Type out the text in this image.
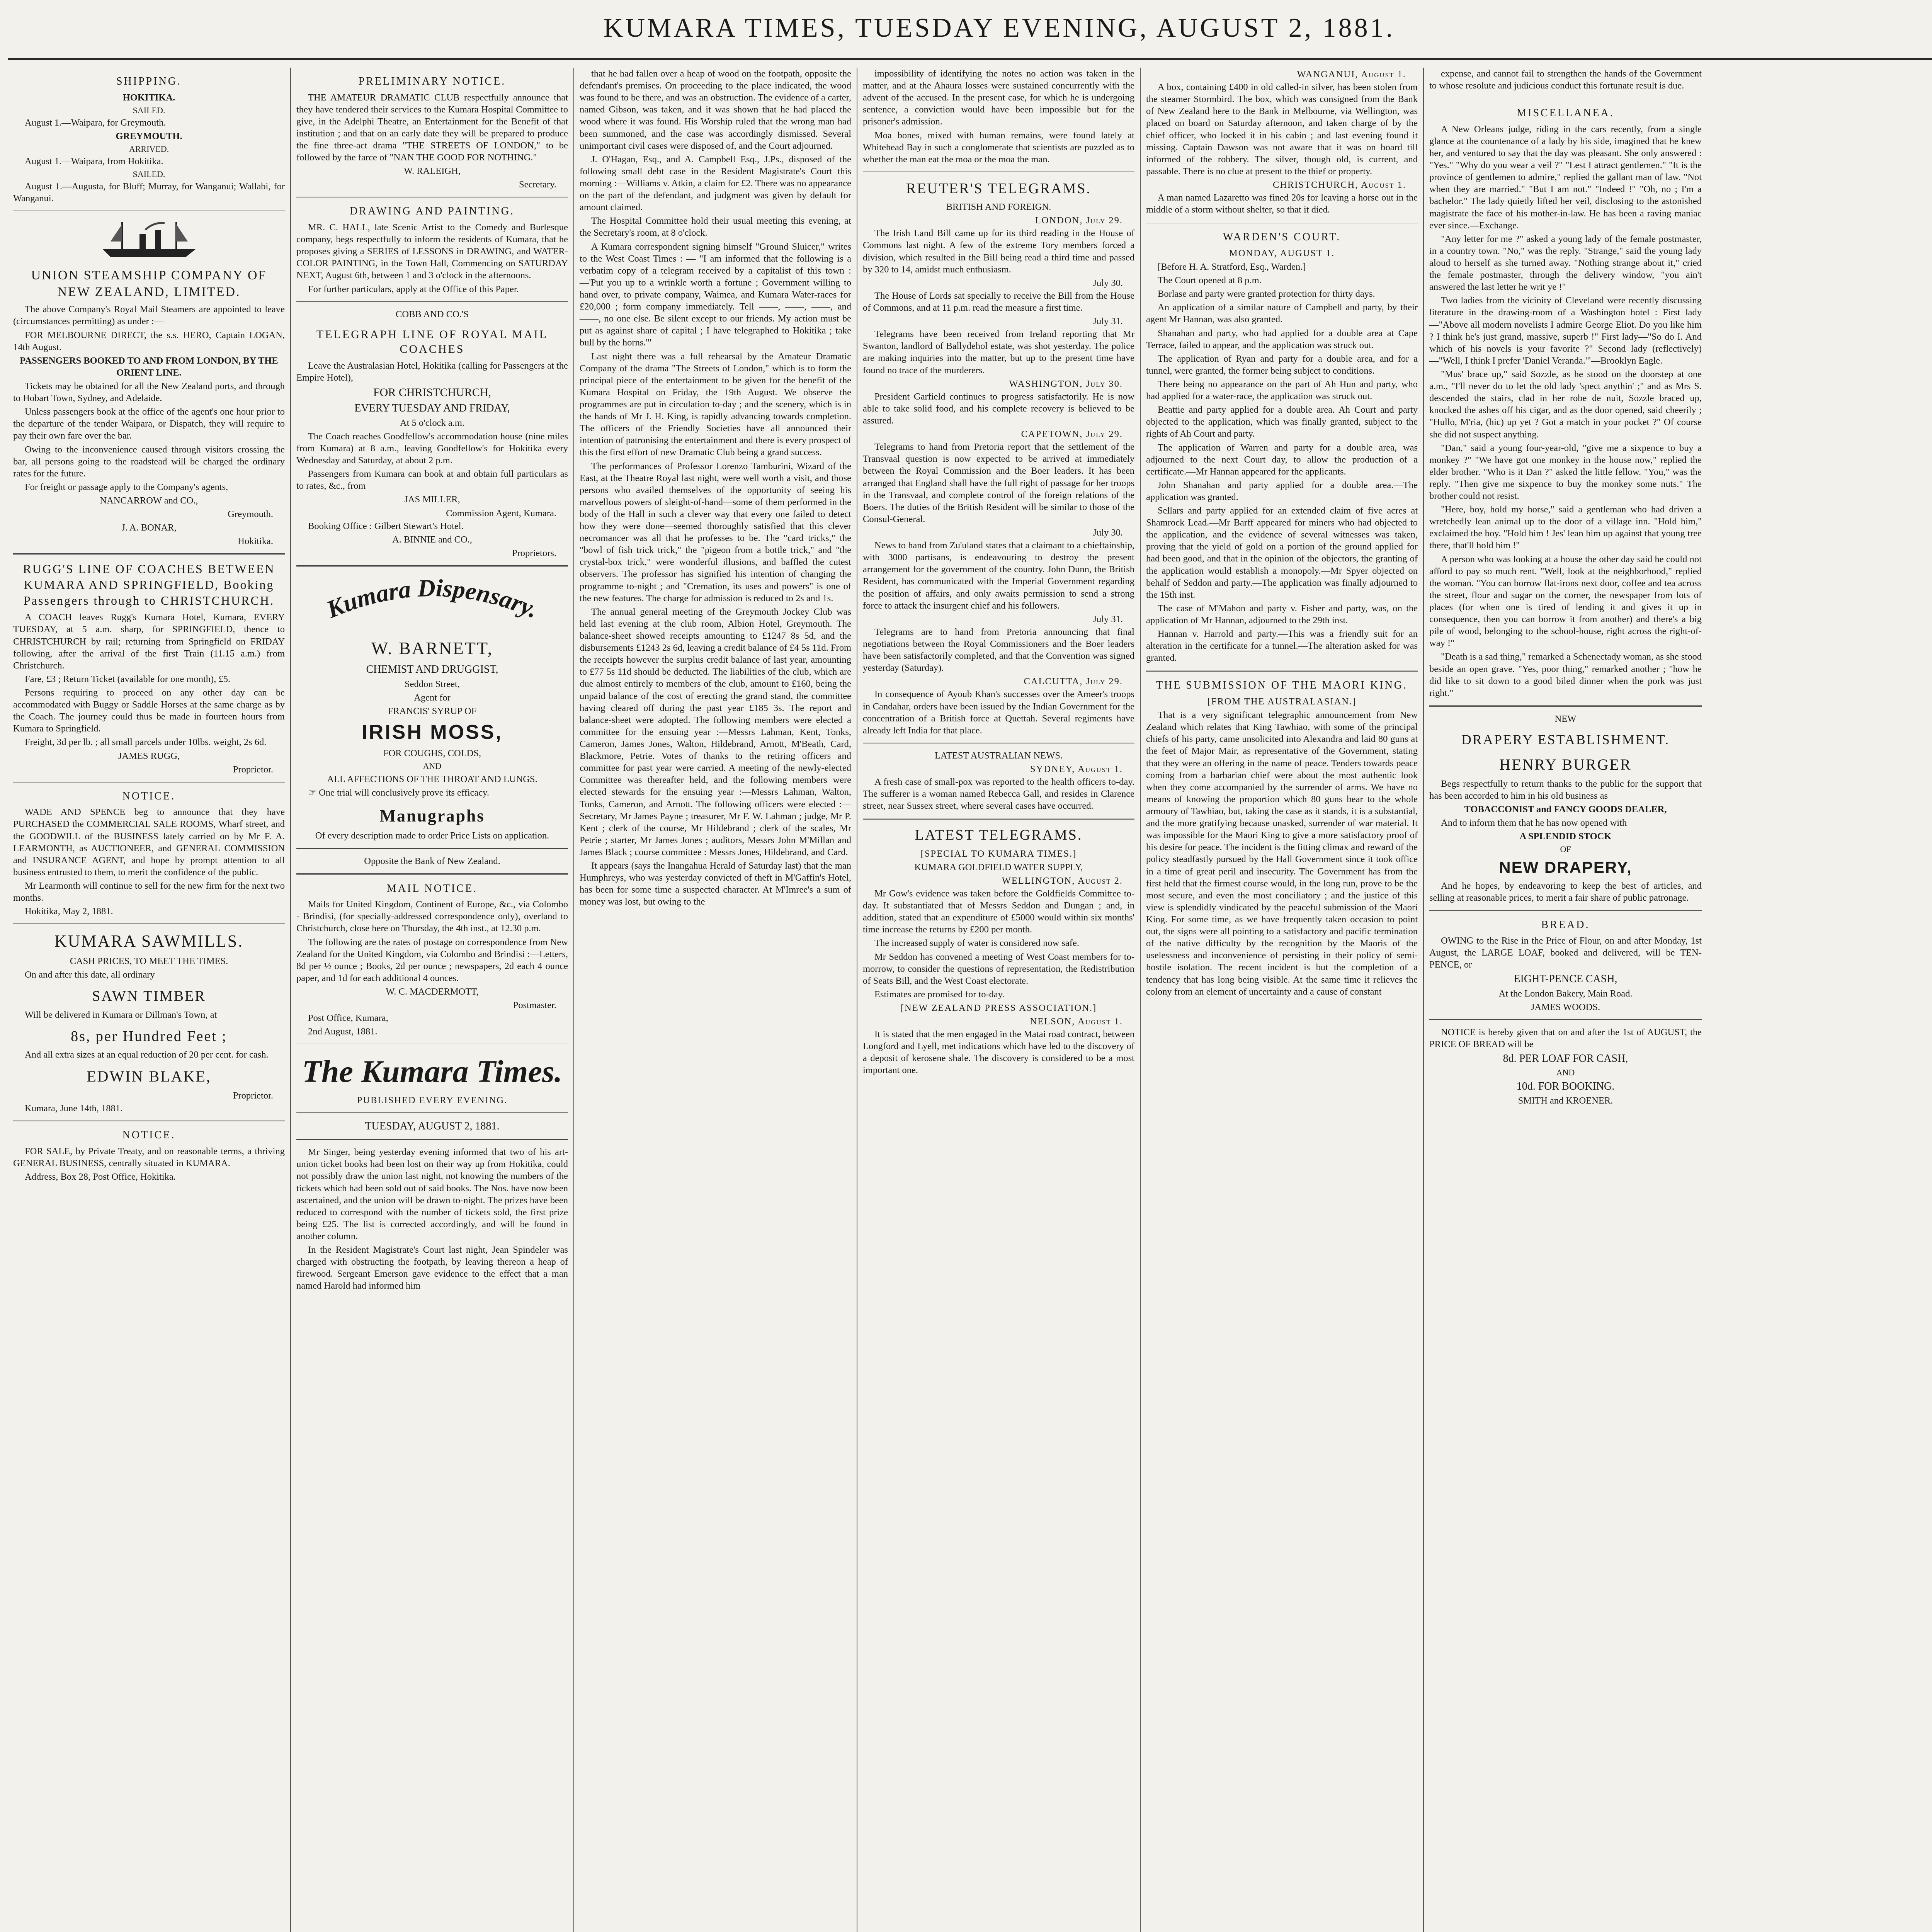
KUMARA TIMES, TUESDAY EVENING, AUGUST 2, 1881.
SHIPPING.
HOKITIKA.
SAILED.

August 1.—Waipara, for Greymouth.

GREYMOUTH.
ARRIVED.

August 1.—Waipara, from Hokitika.

SAILED.

August 1.—Augusta, for Bluff; Murray, for Wanganui; Wallabi, for Wanganui.

UNION STEAMSHIP COMPANY OF NEW ZEALAND, LIMITED.

The above Company's Royal Mail Steamers are appointed to leave (circumstances permitting) as under :—

FOR MELBOURNE DIRECT, the s.s. HERO, Captain LOGAN, 14th August.

PASSENGERS BOOKED TO AND FROM LONDON, BY THE ORIENT LINE.

Tickets may be obtained for all the New Zealand ports, and through to Hobart Town, Sydney, and Adelaide.

Unless passengers book at the office of the agent's one hour prior to the departure of the tender Waipara, or Dispatch, they will require to pay their own fare over the bar.

Owing to the inconvenience caused through visitors crossing the bar, all persons going to the roadstead will be charged the ordinary rates for the future.

For freight or passage apply to the Company's agents,

NANCARROW and CO.,
Greymouth.
J. A. BONAR,
Hokitika.
RUGG'S LINE OF COACHES BETWEEN KUMARA AND SPRINGFIELD, Booking Passengers through to CHRISTCHURCH.

A COACH leaves Rugg's Kumara Hotel, Kumara, EVERY TUESDAY, at 5 a.m. sharp, for SPRINGFIELD, thence to CHRISTCHURCH by rail; returning from Springfield on FRIDAY following, after the arrival of the first Train (11.15 a.m.) from Christchurch.

Fare, £3 ; Return Ticket (available for one month), £5.

Persons requiring to proceed on any other day can be accommodated with Buggy or Saddle Horses at the same charge as by the Coach. The journey could thus be made in fourteen hours from Kumara to Springfield.

Freight, 3d per lb. ; all small parcels under 10lbs. weight, 2s 6d.

JAMES RUGG,
Proprietor.
NOTICE.

WADE AND SPENCE beg to announce that they have PURCHASED the COMMERCIAL SALE ROOMS, Wharf street, and the GOODWILL of the BUSINESS lately carried on by Mr F. A. LEARMONTH, as AUCTIONEER, and GENERAL COMMISSION and INSURANCE AGENT, and hope by prompt attention to all business entrusted to them, to merit the confidence of the public.

Mr Learmonth will continue to sell for the new firm for the next two months.

Hokitika, May 2, 1881.

KUMARA SAWMILLS.
CASH PRICES, TO MEET THE TIMES.

On and after this date, all ordinary

SAWN TIMBER

Will be delivered in Kumara or Dillman's Town, at

8s, per Hundred Feet ;

And all extra sizes at an equal reduction of 20 per cent. for cash.

EDWIN BLAKE,
Proprietor.

Kumara, June 14th, 1881.

NOTICE.

FOR SALE, by Private Treaty, and on reasonable terms, a thriving GENERAL BUSINESS, centrally situated in KUMARA.

Address, Box 28, Post Office, Hokitika.

PRELIMINARY NOTICE.

THE AMATEUR DRAMATIC CLUB respectfully announce that they have tendered their services to the Kumara Hospital Committee to give, in the Adelphi Theatre, an Entertainment for the Benefit of that institution ; and that on an early date they will be prepared to produce the fine three-act drama "THE STREETS OF LONDON," to be followed by the farce of "NAN THE GOOD FOR NOTHING."

W. RALEIGH,
Secretary.
DRAWING AND PAINTING.

MR. C. HALL, late Scenic Artist to the Comedy and Burlesque company, begs respectfully to inform the residents of Kumara, that he proposes giving a SERIES of LESSONS in DRAWING, and WATER-COLOR PAINTING, in the Town Hall, Commencing on SATURDAY NEXT, August 6th, between 1 and 3 o'clock in the afternoons.

For further particulars, apply at the Office of this Paper.

COBB AND CO.'S
TELEGRAPH LINE OF ROYAL MAIL COACHES

Leave the Australasian Hotel, Hokitika (calling for Passengers at the Empire Hotel),

FOR CHRISTCHURCH,
EVERY TUESDAY AND FRIDAY,
At 5 o'clock a.m.

The Coach reaches Goodfellow's accommodation house (nine miles from Kumara) at 8 a.m., leaving Goodfellow's for Hokitika every Wednesday and Saturday, at about 2 p.m.

Passengers from Kumara can book at and obtain full particulars as to rates, &c., from

JAS MILLER,
Commission Agent, Kumara.

Booking Office : Gilbert Stewart's Hotel.

A. BINNIE and CO.,
Proprietors.
Kumara Dispensary.
W. BARNETT,
CHEMIST AND DRUGGIST,
Seddon Street,
Agent for
FRANCIS' SYRUP OF
IRISH MOSS,
FOR COUGHS, COLDS,
AND
ALL AFFECTIONS OF THE THROAT AND LUNGS.

☞ One trial will conclusively prove its efficacy.

Manugraphs
Of every description made to order Price Lists on application.
Opposite the Bank of New Zealand.
MAIL NOTICE.

Mails for United Kingdom, Continent of Europe, &c., via Colombo - Brindisi, (for specially-addressed correspondence only), overland to Christchurch, close here on Thursday, the 4th inst., at 12.30 p.m.

The following are the rates of postage on correspondence from New Zealand for the United Kingdom, via Colombo and Brindisi :—Letters, 8d per ½ ounce ; Books, 2d per ounce ; newspapers, 2d each 4 ounce paper, and 1d for each additional 4 ounces.

W. C. MACDERMOTT,
Postmaster.

Post Office, Kumara,

2nd August, 1881.

The Kumara Times.
PUBLISHED EVERY EVENING.
TUESDAY, AUGUST 2, 1881.

Mr Singer, being yesterday evening informed that two of his art-union ticket books had been lost on their way up from Hokitika, could not possibly draw the union last night, not knowing the numbers of the tickets which had been sold out of said books. The Nos. have now been ascertained, and the union will be drawn to-night. The prizes have been reduced to correspond with the number of tickets sold, the first prize being £25. The list is corrected accordingly, and will be found in another column.

In the Resident Magistrate's Court last night, Jean Spindeler was charged with obstructing the footpath, by leaving thereon a heap of firewood. Sergeant Emerson gave evidence to the effect that a man named Harold had informed him

that he had fallen over a heap of wood on the footpath, opposite the defendant's premises. On proceeding to the place indicated, the wood was found to be there, and was an obstruction. The evidence of a carter, named Gibson, was taken, and it was shown that he had placed the wood where it was found. His Worship ruled that the wrong man had been summoned, and the case was accordingly dismissed. Several unimportant civil cases were disposed of, and the Court adjourned.

J. O'Hagan, Esq., and A. Campbell Esq., J.Ps., disposed of the following small debt case in the Resident Magistrate's Court this morning :—Williams v. Atkin, a claim for £2. There was no appearance on the part of the defendant, and judgment was given by default for amount claimed.

The Hospital Committee hold their usual meeting this evening, at the Secretary's room, at 8 o'clock.

A Kumara correspondent signing himself "Ground Sluicer," writes to the West Coast Times : — "I am informed that the following is a verbatim copy of a telegram received by a capitalist of this town :—'Put you up to a wrinkle worth a fortune ; Government willing to hand over, to private company, Waimea, and Kumara Water-races for £20,000 ; form company immediately. Tell ——, ——, ——, and ——, no one else. Be silent except to our friends. My action must be put as against share of capital ; I have telegraphed to Hokitika ; take bull by the horns.'"

Last night there was a full rehearsal by the Amateur Dramatic Company of the drama "The Streets of London," which is to form the principal piece of the entertainment to be given for the benefit of the Kumara Hospital on Friday, the 19th August. We observe the programmes are put in circulation to-day ; and the scenery, which is in the hands of Mr J. H. King, is rapidly advancing towards completion. The officers of the Friendly Societies have all announced their intention of patronising the entertainment and there is every prospect of this the first effort of new Dramatic Club being a grand success.

The performances of Professor Lorenzo Tamburini, Wizard of the East, at the Theatre Royal last night, were well worth a visit, and those persons who availed themselves of the opportunity of seeing his marvellous powers of sleight-of-hand—some of them performed in the body of the Hall in such a clever way that every one failed to detect how they were done—seemed thoroughly satisfied that this clever necromancer was all that he professes to be. The "card tricks," the "bowl of fish trick trick," the "pigeon from a bottle trick," and "the crystal-box trick," were wonderful illusions, and baffled the cutest observers. The professor has signified his intention of changing the programme to-night ; and "Cremation, its uses and powers" is one of the new features. The charge for admission is reduced to 2s and 1s.

The annual general meeting of the Greymouth Jockey Club was held last evening at the club room, Albion Hotel, Greymouth. The balance-sheet showed receipts amounting to £1247 8s 5d, and the disbursements £1243 2s 6d, leaving a credit balance of £4 5s 11d. From the receipts however the surplus credit balance of last year, amounting to £77 5s 11d should be deducted. The liabilities of the club, which are due almost entirely to members of the club, amount to £160, being the unpaid balance of the cost of erecting the grand stand, the committee having cleared off during the past year £185 3s. The report and balance-sheet were adopted. The following members were elected a committee for the ensuing year :—Messrs Lahman, Kent, Tonks, Cameron, James Jones, Walton, Hildebrand, Arnott, M'Beath, Card, Blackmore, Petrie. Votes of thanks to the retiring officers and committee for past year were carried. A meeting of the newly-elected Committee was thereafter held, and the following members were elected stewards for the ensuing year :—Messrs Lahman, Walton, Tonks, Cameron, and Arnott. The following officers were elected :—Secretary, Mr James Payne ; treasurer, Mr F. W. Lahman ; judge, Mr P. Kent ; clerk of the course, Mr Hildebrand ; clerk of the scales, Mr Petrie ; starter, Mr James Jones ; auditors, Messrs John M'Millan and James Black ; course committee : Messrs Jones, Hildebrand, and Card.

It appears (says the Inangahua Herald of Saturday last) that the man Humphreys, who was yesterday convicted of theft in M'Gaffin's Hotel, has been for some time a suspected character. At M'Imree's a sum of money was lost, but owing to the

impossibility of identifying the notes no action was taken in the matter, and at the Ahaura losses were sustained concurrently with the advent of the accused. In the present case, for which he is undergoing sentence, a conviction would have been impossible but for the prisoner's admission.

Moa bones, mixed with human remains, were found lately at Whitehead Bay in such a conglomerate that scientists are puzzled as to whether the man eat the moa or the moa the man.

REUTER'S TELEGRAMS.
BRITISH AND FOREIGN.
LONDON, July 29.

The Irish Land Bill came up for its third reading in the House of Commons last night. A few of the extreme Tory members forced a division, which resulted in the Bill being read a third time and passed by 320 to 14, amidst much enthusiasm.

July 30.

The House of Lords sat specially to receive the Bill from the House of Commons, and at 11 p.m. read the measure a first time.

July 31.

Telegrams have been received from Ireland reporting that Mr Swanton, landlord of Ballydehol estate, was shot yesterday. The police are making inquiries into the matter, but up to the present time have found no trace of the murderers.

WASHINGTON, July 30.

President Garfield continues to progress satisfactorily. He is now able to take solid food, and his complete recovery is believed to be assured.

CAPETOWN, July 29.

Telegrams to hand from Pretoria report that the settlement of the Transvaal question is now expected to be arrived at immediately between the Royal Commission and the Boer leaders. It has been arranged that England shall have the full right of passage for her troops in the Transvaal, and complete control of the foreign relations of the Boers. The duties of the British Resident will be similar to those of the Consul-General.

July 30.

News to hand from Zu'uland states that a claimant to a chieftainship, with 3000 partisans, is endeavouring to destroy the present arrangement for the government of the country. John Dunn, the British Resident, has communicated with the Imperial Government regarding the position of affairs, and only awaits permission to send a strong force to attack the insurgent chief and his followers.

July 31.

Telegrams are to hand from Pretoria announcing that final negotiations between the Royal Commissioners and the Boer leaders have been satisfactorily completed, and that the Convention was signed yesterday (Saturday).

CALCUTTA, July 29.

In consequence of Ayoub Khan's successes over the Ameer's troops in Candahar, orders have been issued by the Indian Government for the concentration of a British force at Quettah. Several regiments have already left India for that place.

LATEST AUSTRALIAN NEWS.
SYDNEY, August 1.

A fresh case of small-pox was reported to the health officers to-day. The sufferer is a woman named Rebecca Gall, and resides in Clarence street, near Sussex street, where several cases have occurred.

LATEST TELEGRAMS.
[SPECIAL TO KUMARA TIMES.]
KUMARA GOLDFIELD WATER SUPPLY,
WELLINGTON, August 2.

Mr Gow's evidence was taken before the Goldfields Committee to-day. It substantiated that of Messrs Seddon and Dungan ; and, in addition, stated that an expenditure of £5000 would within six months' time increase the returns by £200 per month.

The increased supply of water is considered now safe.

Mr Seddon has convened a meeting of West Coast members for to-morrow, to consider the questions of representation, the Redistribution of Seats Bill, and the West Coast electorate.

Estimates are promised for to-day.

[NEW ZEALAND PRESS ASSOCIATION.]
NELSON, August 1.

It is stated that the men engaged in the Matai road contract, between Longford and Lyell, met indications which have led to the discovery of a deposit of kerosene shale. The discovery is considered to be a most important one.

WANGANUI, August 1.

A box, containing £400 in old called-in silver, has been stolen from the steamer Stormbird. The box, which was consigned from the Bank of New Zealand here to the Bank in Melbourne, via Wellington, was placed on board on Saturday afternoon, and taken charge of by the chief officer, who locked it in his cabin ; and last evening found it missing. Captain Dawson was not aware that it was on board till informed of the robbery. The silver, though old, is current, and passable. There is no clue at present to the thief or property.

CHRISTCHURCH, August 1.

A man named Lazaretto was fined 20s for leaving a horse out in the middle of a storm without shelter, so that it died.

WARDEN'S COURT.
MONDAY, AUGUST 1.

[Before H. A. Stratford, Esq., Warden.]

The Court opened at 8 p.m.

Borlase and party were granted protection for thirty days.

An application of a similar nature of Campbell and party, by their agent Mr Hannan, was also granted.

Shanahan and party, who had applied for a double area at Cape Terrace, failed to appear, and the application was struck out.

The application of Ryan and party for a double area, and for a tunnel, were granted, the former being subject to conditions.

There being no appearance on the part of Ah Hun and party, who had applied for a water-race, the application was struck out.

Beattie and party applied for a double area. Ah Court and party objected to the application, which was finally granted, subject to the rights of Ah Court and party.

The application of Warren and party for a double area, was adjourned to the next Court day, to allow the production of a certificate.—Mr Hannan appeared for the applicants.

John Shanahan and party applied for a double area.—The application was granted.

Sellars and party applied for an extended claim of five acres at Shamrock Lead.—Mr Barff appeared for miners who had objected to the application, and the evidence of several witnesses was taken, proving that the yield of gold on a portion of the ground applied for had been good, and that in the opinion of the objectors, the granting of the application would establish a monopoly.—Mr Spyer objected on behalf of Seddon and party.—The application was finally adjourned to the 15th inst.

The case of M'Mahon and party v. Fisher and party, was, on the application of Mr Hannan, adjourned to the 29th inst.

Hannan v. Harrold and party.—This was a friendly suit for an alteration in the certificate for a tunnel.—The alteration asked for was granted.

THE SUBMISSION OF THE MAORI KING.
[FROM THE AUSTRALASIAN.]

That is a very significant telegraphic announcement from New Zealand which relates that King Tawhiao, with some of the principal chiefs of his party, came unsolicited into Alexandra and laid 80 guns at the feet of Major Mair, as representative of the Government, stating that they were an offering in the name of peace. Tenders towards peace coming from a barbarian chief were about the most authentic look when they come accompanied by the surrender of arms. We have no means of knowing the proportion which 80 guns bear to the whole armoury of Tawhiao, but, taking the case as it stands, it is a substantial, and the more gratifying because unasked, surrender of war material. It was impossible for the Maori King to give a more satisfactory proof of his desire for peace. The incident is the fitting climax and reward of the policy steadfastly pursued by the Hall Government since it took office in a time of great peril and insecurity. The Government has from the first held that the firmest course would, in the long run, prove to be the most secure, and even the most conciliatory ; and the justice of this view is splendidly vindicated by the peaceful submission of the Maori King. For some time, as we have frequently taken occasion to point out, the signs were all pointing to a satisfactory and pacific termination of the native difficulty by the recognition by the Maoris of the uselessness and inconvenience of persisting in their policy of semi-hostile isolation. The recent incident is but the completion of a tendency that has long being visible. At the same time it relieves the colony from an element of uncertainty and a cause of constant

expense, and cannot fail to strengthen the hands of the Government to whose resolute and judicious conduct this fortunate result is due.

MISCELLANEA.

A New Orleans judge, riding in the cars recently, from a single glance at the countenance of a lady by his side, imagined that he knew her, and ventured to say that the day was pleasant. She only answered : "Yes." "Why do you wear a veil ?" "Lest I attract gentlemen." "It is the province of gentlemen to admire," replied the gallant man of law. "Not when they are married." "But I am not." "Indeed !" "Oh, no ; I'm a bachelor." The lady quietly lifted her veil, disclosing to the astonished magistrate the face of his mother-in-law. He has been a raving maniac ever since.—Exchange.

"Any letter for me ?" asked a young lady of the female postmaster, in a country town. "No," was the reply. "Strange," said the young lady aloud to herself as she turned away. "Nothing strange about it," cried the female postmaster, through the delivery window, "you ain't answered the last letter he writ ye !"

Two ladies from the vicinity of Cleveland were recently discussing literature in the drawing-room of a Washington hotel : First lady—"Above all modern novelists I admire George Eliot. Do you like him ? I think he's just grand, massive, superb !" First lady—"So do I. And which of his novels is your favorite ?" Second lady (reflectively)—"Well, I think I prefer 'Daniel Veranda.'"—Brooklyn Eagle.

"Mus' brace up," said Sozzle, as he stood on the doorstep at one a.m., "I'll never do to let the old lady 'spect anythin' ;" and as Mrs S. descended the stairs, clad in her robe de nuit, Sozzle braced up, knocked the ashes off his cigar, and as the door opened, said cheerily ; "Hullo, M'ria, (hic) up yet ? Got a match in your pocket ?" Of course she did not suspect anything.

"Dan," said a young four-year-old, "give me a sixpence to buy a monkey ?" "We have got one monkey in the house now," replied the elder brother. "Who is it Dan ?" asked the little fellow. "You," was the reply. "Then give me sixpence to buy the monkey some nuts." The brother could not resist.

"Here, boy, hold my horse," said a gentleman who had driven a wretchedly lean animal up to the door of a village inn. "Hold him," exclaimed the boy. "Hold him ! Jes' lean him up against that young tree there, that'll hold him !"

A person who was looking at a house the other day said he could not afford to pay so much rent. "Well, look at the neighborhood," replied the woman. "You can borrow flat-irons next door, coffee and tea across the street, flour and sugar on the corner, the newspaper from lots of places (for when one is tired of lending it and gives it up in consequence, then you can borrow it from another) and there's a big pile of wood, belonging to the school-house, right across the right-of-way !"

"Death is a sad thing," remarked a Schenectady woman, as she stood beside an open grave. "Yes, poor thing," remarked another ; "how he did like to sit down to a good biled dinner when the pork was just right."

NEW
DRAPERY ESTABLISHMENT.
HENRY BURGER

Begs respectfully to return thanks to the public for the support that has been accorded to him in his old business as

TOBACCONIST and FANCY GOODS DEALER,

And to inform them that he has now opened with

A SPLENDID STOCK
OF
NEW DRAPERY,

And he hopes, by endeavoring to keep the best of articles, and selling at reasonable prices, to merit a fair share of public patronage.

BREAD.

OWING to the Rise in the Price of Flour, on and after Monday, 1st August, the LARGE LOAF, booked and delivered, will be TEN-PENCE, or

EIGHT-PENCE CASH,
At the London Bakery, Main Road.
JAMES WOODS.

NOTICE is hereby given that on and after the 1st of AUGUST, the PRICE OF BREAD will be

8d. PER LOAF FOR CASH,
AND
10d. FOR BOOKING.
SMITH and KROENER.
